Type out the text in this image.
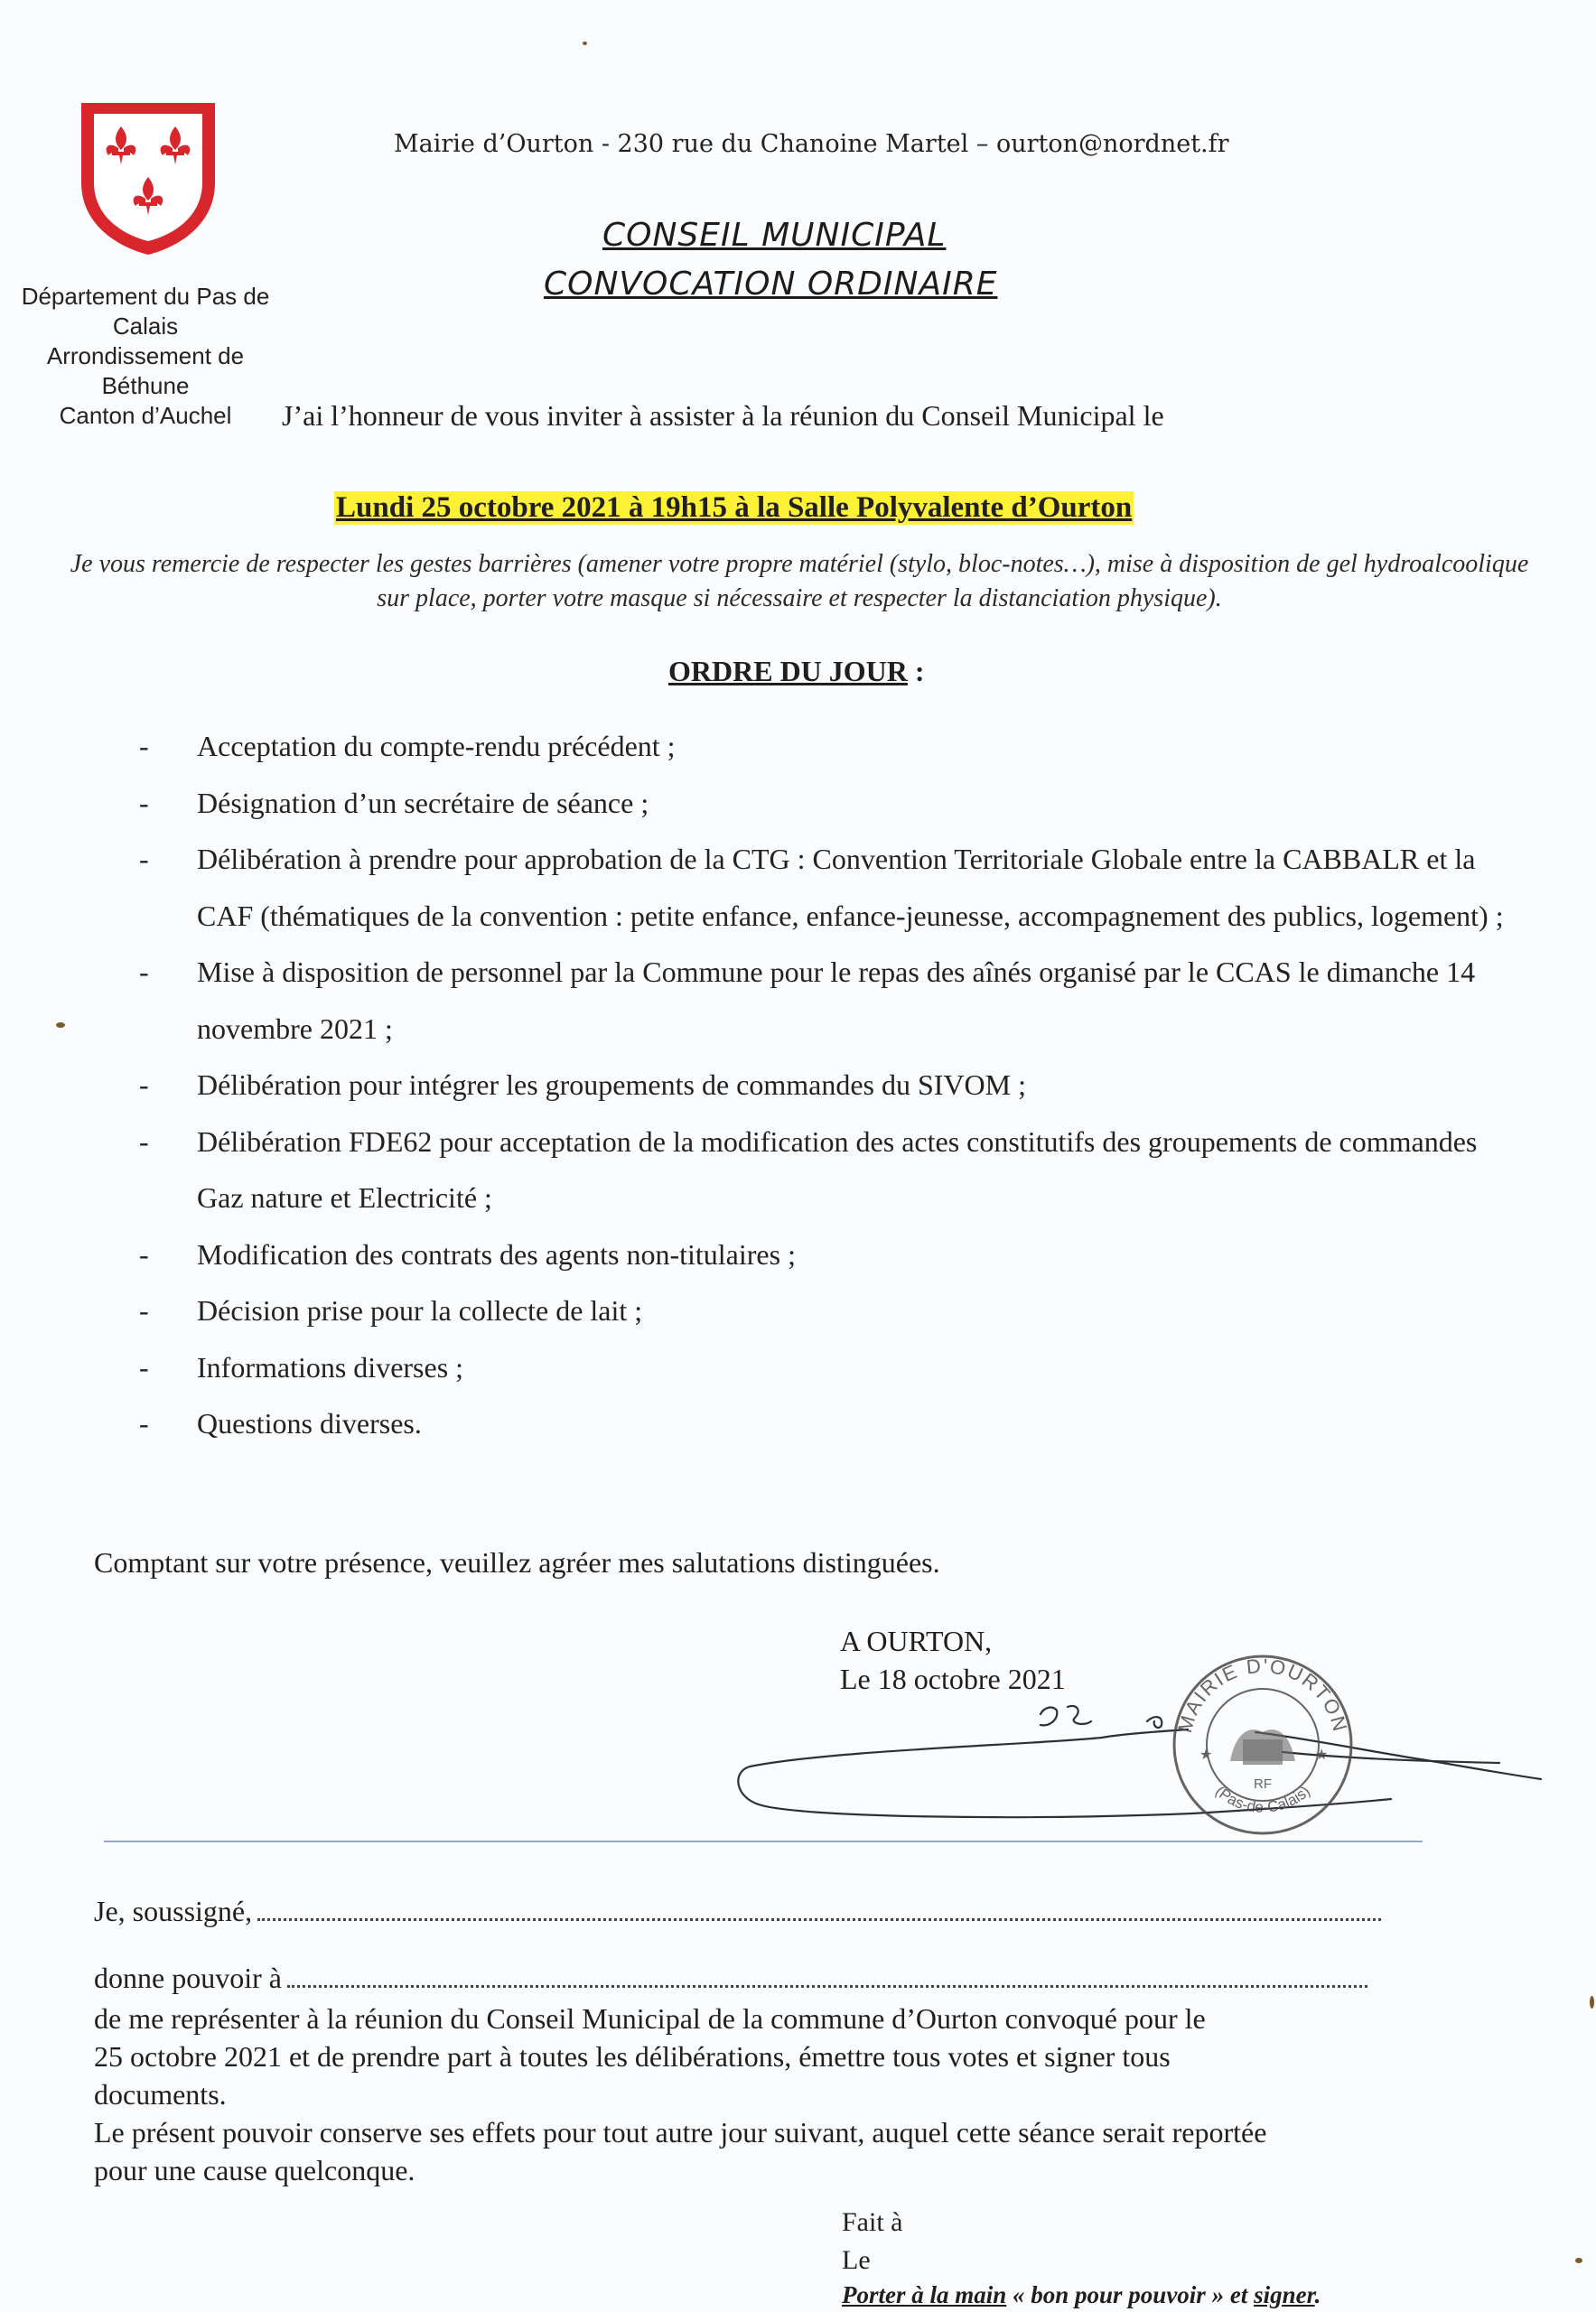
Département du Pas de Calais
Arrondissement de Béthune
Canton d’Auchel
Mairie d’Ourton - 230 rue du Chanoine Martel – ourton@nordnet.fr
CONSEIL MUNICIPAL
CONVOCATION ORDINAIRE
J’ai l’honneur de vous inviter à assister à la réunion du Conseil Municipal le
Lundi 25 octobre 2021 à 19h15 à la Salle Polyvalente d’Ourton
Je vous remercie de respecter les gestes barrières (amener votre propre matériel (stylo, bloc-notes…), mise à disposition de gel hydroalcoolique sur place, porter votre masque si nécessaire et respecter la distanciation physique).
ORDRE DU JOUR :
- Acceptation du compte-rendu précédent ;
- Désignation d’un secrétaire de séance ;
- Délibération à prendre pour approbation de la CTG : Convention Territoriale Globale entre la CABBALR et la CAF (thématiques de la convention : petite enfance, enfance-jeunesse, accompagnement des publics, logement) ;
- Mise à disposition de personnel par la Commune pour le repas des aînés organisé par le CCAS le dimanche 14 novembre 2021 ;
- Délibération pour intégrer les groupements de commandes du SIVOM ;
- Délibération FDE62 pour acceptation de la modification des actes constitutifs des groupements de commandes Gaz nature et Electricité ;
- Modification des contrats des agents non-titulaires ;
- Décision prise pour la collecte de lait ;
- Informations diverses ;
- Questions diverses.
Comptant sur votre présence, veuillez agréer mes salutations distinguées.
A OURTON,
Le 18 octobre 2021
MAIRIE D'OURTON
(Pas-de-Calais)
RF
★	★
Je, soussigné,
donne pouvoir à
de me représenter à la réunion du Conseil Municipal de la commune d’Ourton convoqué pour le
25 octobre 2021 et de prendre part à toutes les délibérations, émettre tous votes et signer tous
documents.
Le présent pouvoir conserve ses effets pour tout autre jour suivant, auquel cette séance serait reportée
pour une cause quelconque.
Fait à
Le
Porter à la main « bon pour pouvoir » et signer.
